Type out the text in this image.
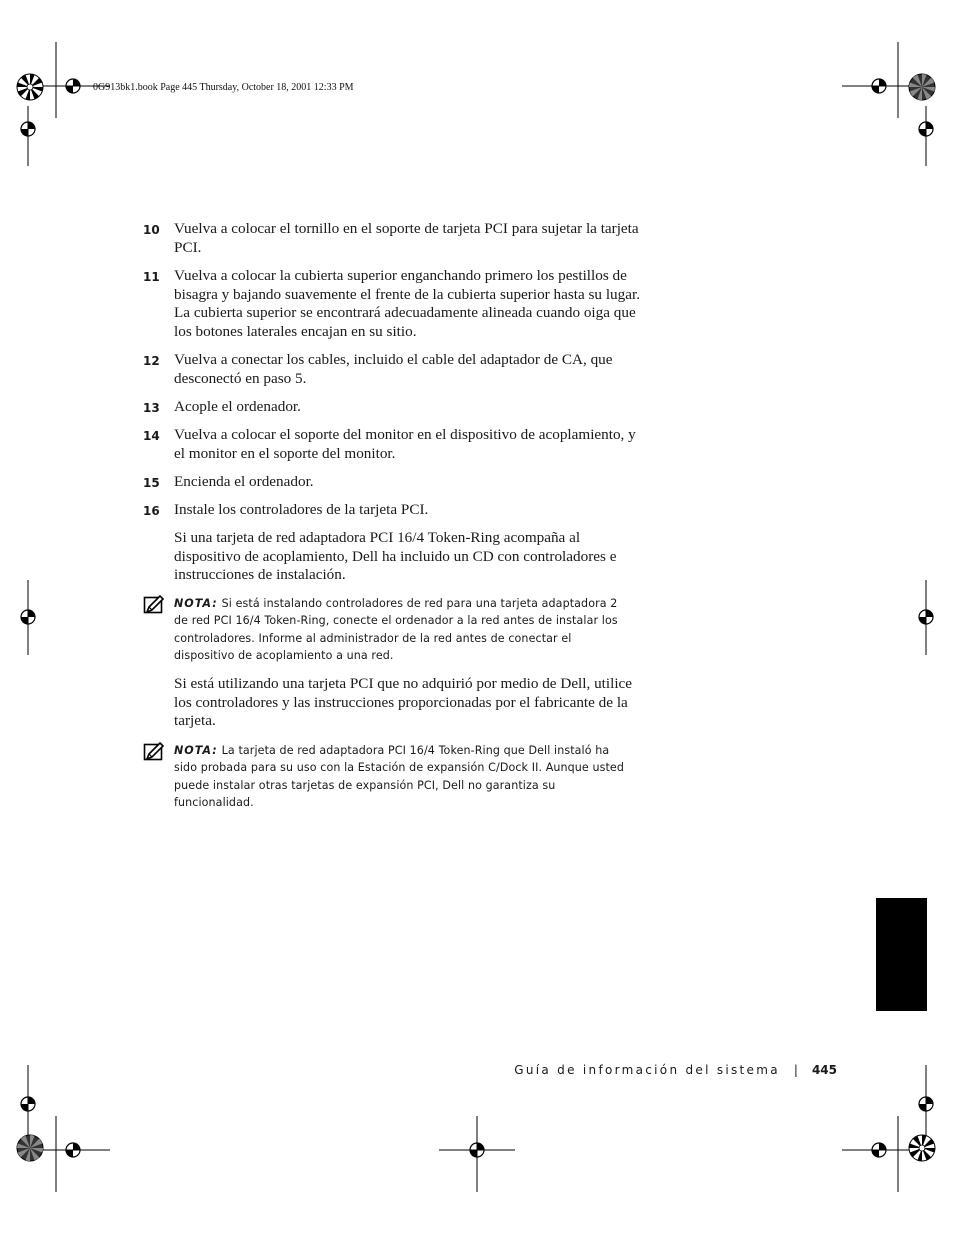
0G913bk1.book Page 445 Thursday, October 18, 2001 12:33 PM
10 Vuelva a colocar el tornillo en el soporte de tarjeta PCI para sujetar la tarjeta PCI.
11 Vuelva a colocar la cubierta superior enganchando primero los pestillos de bisagra y bajando suavemente el frente de la cubierta superior hasta su lugar. La cubierta superior se encontrará adecuadamente alineada cuando oiga que los botones laterales encajan en su sitio.
12 Vuelva a conectar los cables, incluido el cable del adaptador de CA, que desconectó en paso 5.
13 Acople el ordenador.
14 Vuelva a colocar el soporte del monitor en el dispositivo de acoplamiento, y el monitor en el soporte del monitor.
15 Encienda el ordenador.
16 Instale los controladores de la tarjeta PCI.
Si una tarjeta de red adaptadora PCI 16/4 Token-Ring acompaña al dispositivo de acoplamiento, Dell ha incluido un CD con controladores e instrucciones de instalación.
NOTA: Si está instalando controladores de red para una tarjeta adaptadora 2 de red PCI 16/4 Token-Ring, conecte el ordenador a la red antes de instalar los controladores. Informe al administrador de la red antes de conectar el dispositivo de acoplamiento a una red.
Si está utilizando una tarjeta PCI que no adquirió por medio de Dell, utilice los controladores y las instrucciones proporcionadas por el fabricante de la tarjeta.
NOTA: La tarjeta de red adaptadora PCI 16/4 Token-Ring que Dell instaló ha sido probada para su uso con la Estación de expansión C/Dock II. Aunque usted puede instalar otras tarjetas de expansión PCI, Dell no garantiza su funcionalidad.
Guía de información del sistema | 445
